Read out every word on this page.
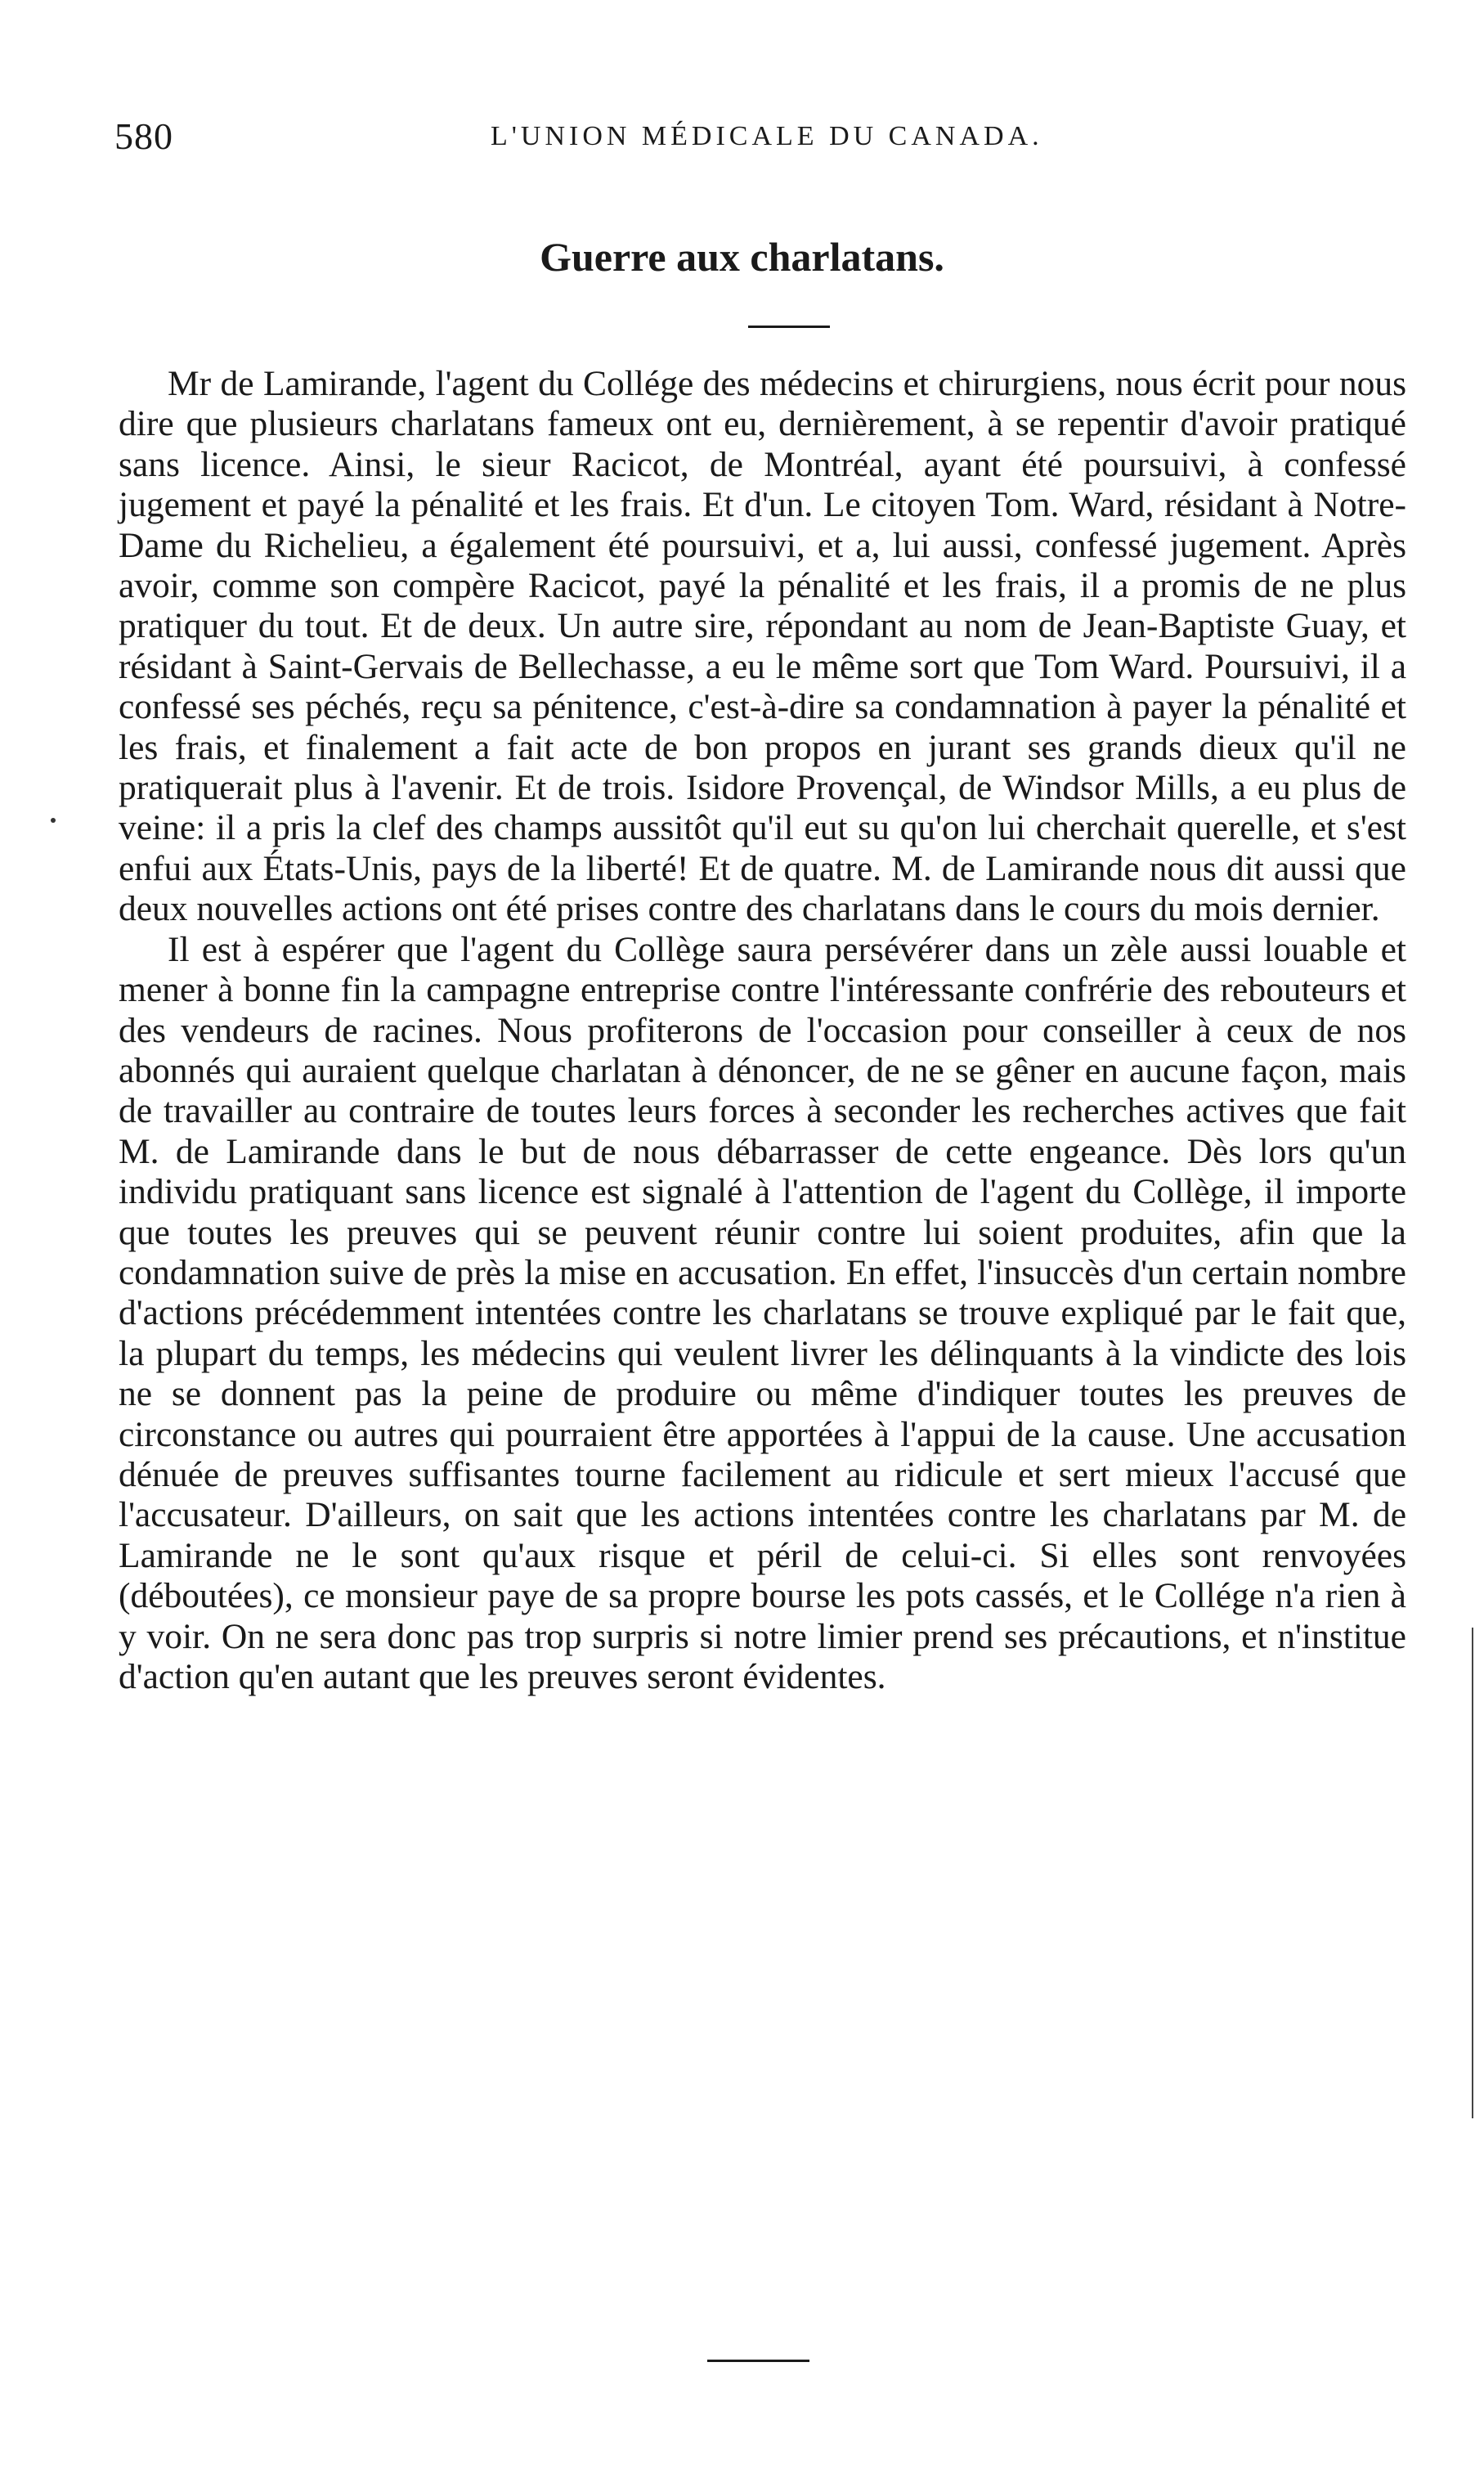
580	L'UNION MÉDICALE DU CANADA.
Guerre aux charlatans.

Mr de Lamirande, l'agent du Collége des médecins et chirurgiens, nous écrit pour nous dire que plusieurs charlatans fameux ont eu, dernièrement, à se repentir d'avoir pratiqué sans licence. Ainsi, le sieur Racicot, de Montréal, ayant été poursuivi, à confessé jugement et payé la pénalité et les frais. Et d'un. Le citoyen Tom. Ward, résidant à Notre-Dame du Richelieu, a également été poursuivi, et a, lui aussi, confessé jugement. Après avoir, comme son compère Racicot, payé la pénalité et les frais, il a promis de ne plus pratiquer du tout. Et de deux. Un autre sire, répondant au nom de Jean-Baptiste Guay, et résidant à Saint-Gervais de Bellechasse, a eu le même sort que Tom Ward. Poursuivi, il a confessé ses péchés, reçu sa pénitence, c'est-à-dire sa condamnation à payer la pénalité et les frais, et finalement a fait acte de bon propos en jurant ses grands dieux qu'il ne pratiquerait plus à l'avenir. Et de trois. Isidore Provençal, de Windsor Mills, a eu plus de veine: il a pris la clef des champs aussitôt qu'il eut su qu'on lui cherchait querelle, et s'est enfui aux États-Unis, pays de la liberté! Et de quatre. M. de Lamirande nous dit aussi que deux nouvelles actions ont été prises contre des charlatans dans le cours du mois dernier.

Il est à espérer que l'agent du Collège saura persévérer dans un zèle aussi louable et mener à bonne fin la campagne entreprise contre l'intéressante confrérie des rebouteurs et des vendeurs de racines. Nous profiterons de l'occasion pour conseiller à ceux de nos abonnés qui auraient quelque charlatan à dénoncer, de ne se gêner en aucune façon, mais de travailler au contraire de toutes leurs forces à seconder les recherches actives que fait M. de Lamirande dans le but de nous débarrasser de cette engeance. Dès lors qu'un individu pratiquant sans licence est signalé à l'attention de l'agent du Collège, il importe que toutes les preuves qui se peuvent réunir contre lui soient produites, afin que la condamnation suive de près la mise en accusation. En effet, l'insuccès d'un certain nombre d'actions précédemment intentées contre les charlatans se trouve expliqué par le fait que, la plupart du temps, les médecins qui veulent livrer les délinquants à la vindicte des lois ne se donnent pas la peine de produire ou même d'indiquer toutes les preuves de circonstance ou autres qui pourraient être apportées à l'appui de la cause. Une accusation dénuée de preuves suffisantes tourne facilement au ridicule et sert mieux l'accusé que l'accusateur. D'ailleurs, on sait que les actions intentées contre les charlatans par M. de Lamirande ne le sont qu'aux risque et péril de celui-ci. Si elles sont renvoyées (déboutées), ce monsieur paye de sa propre bourse les pots cassés, et le Collége n'a rien à y voir. On ne sera donc pas trop surpris si notre limier prend ses précautions, et n'institue d'action qu'en autant que les preuves seront évidentes.
